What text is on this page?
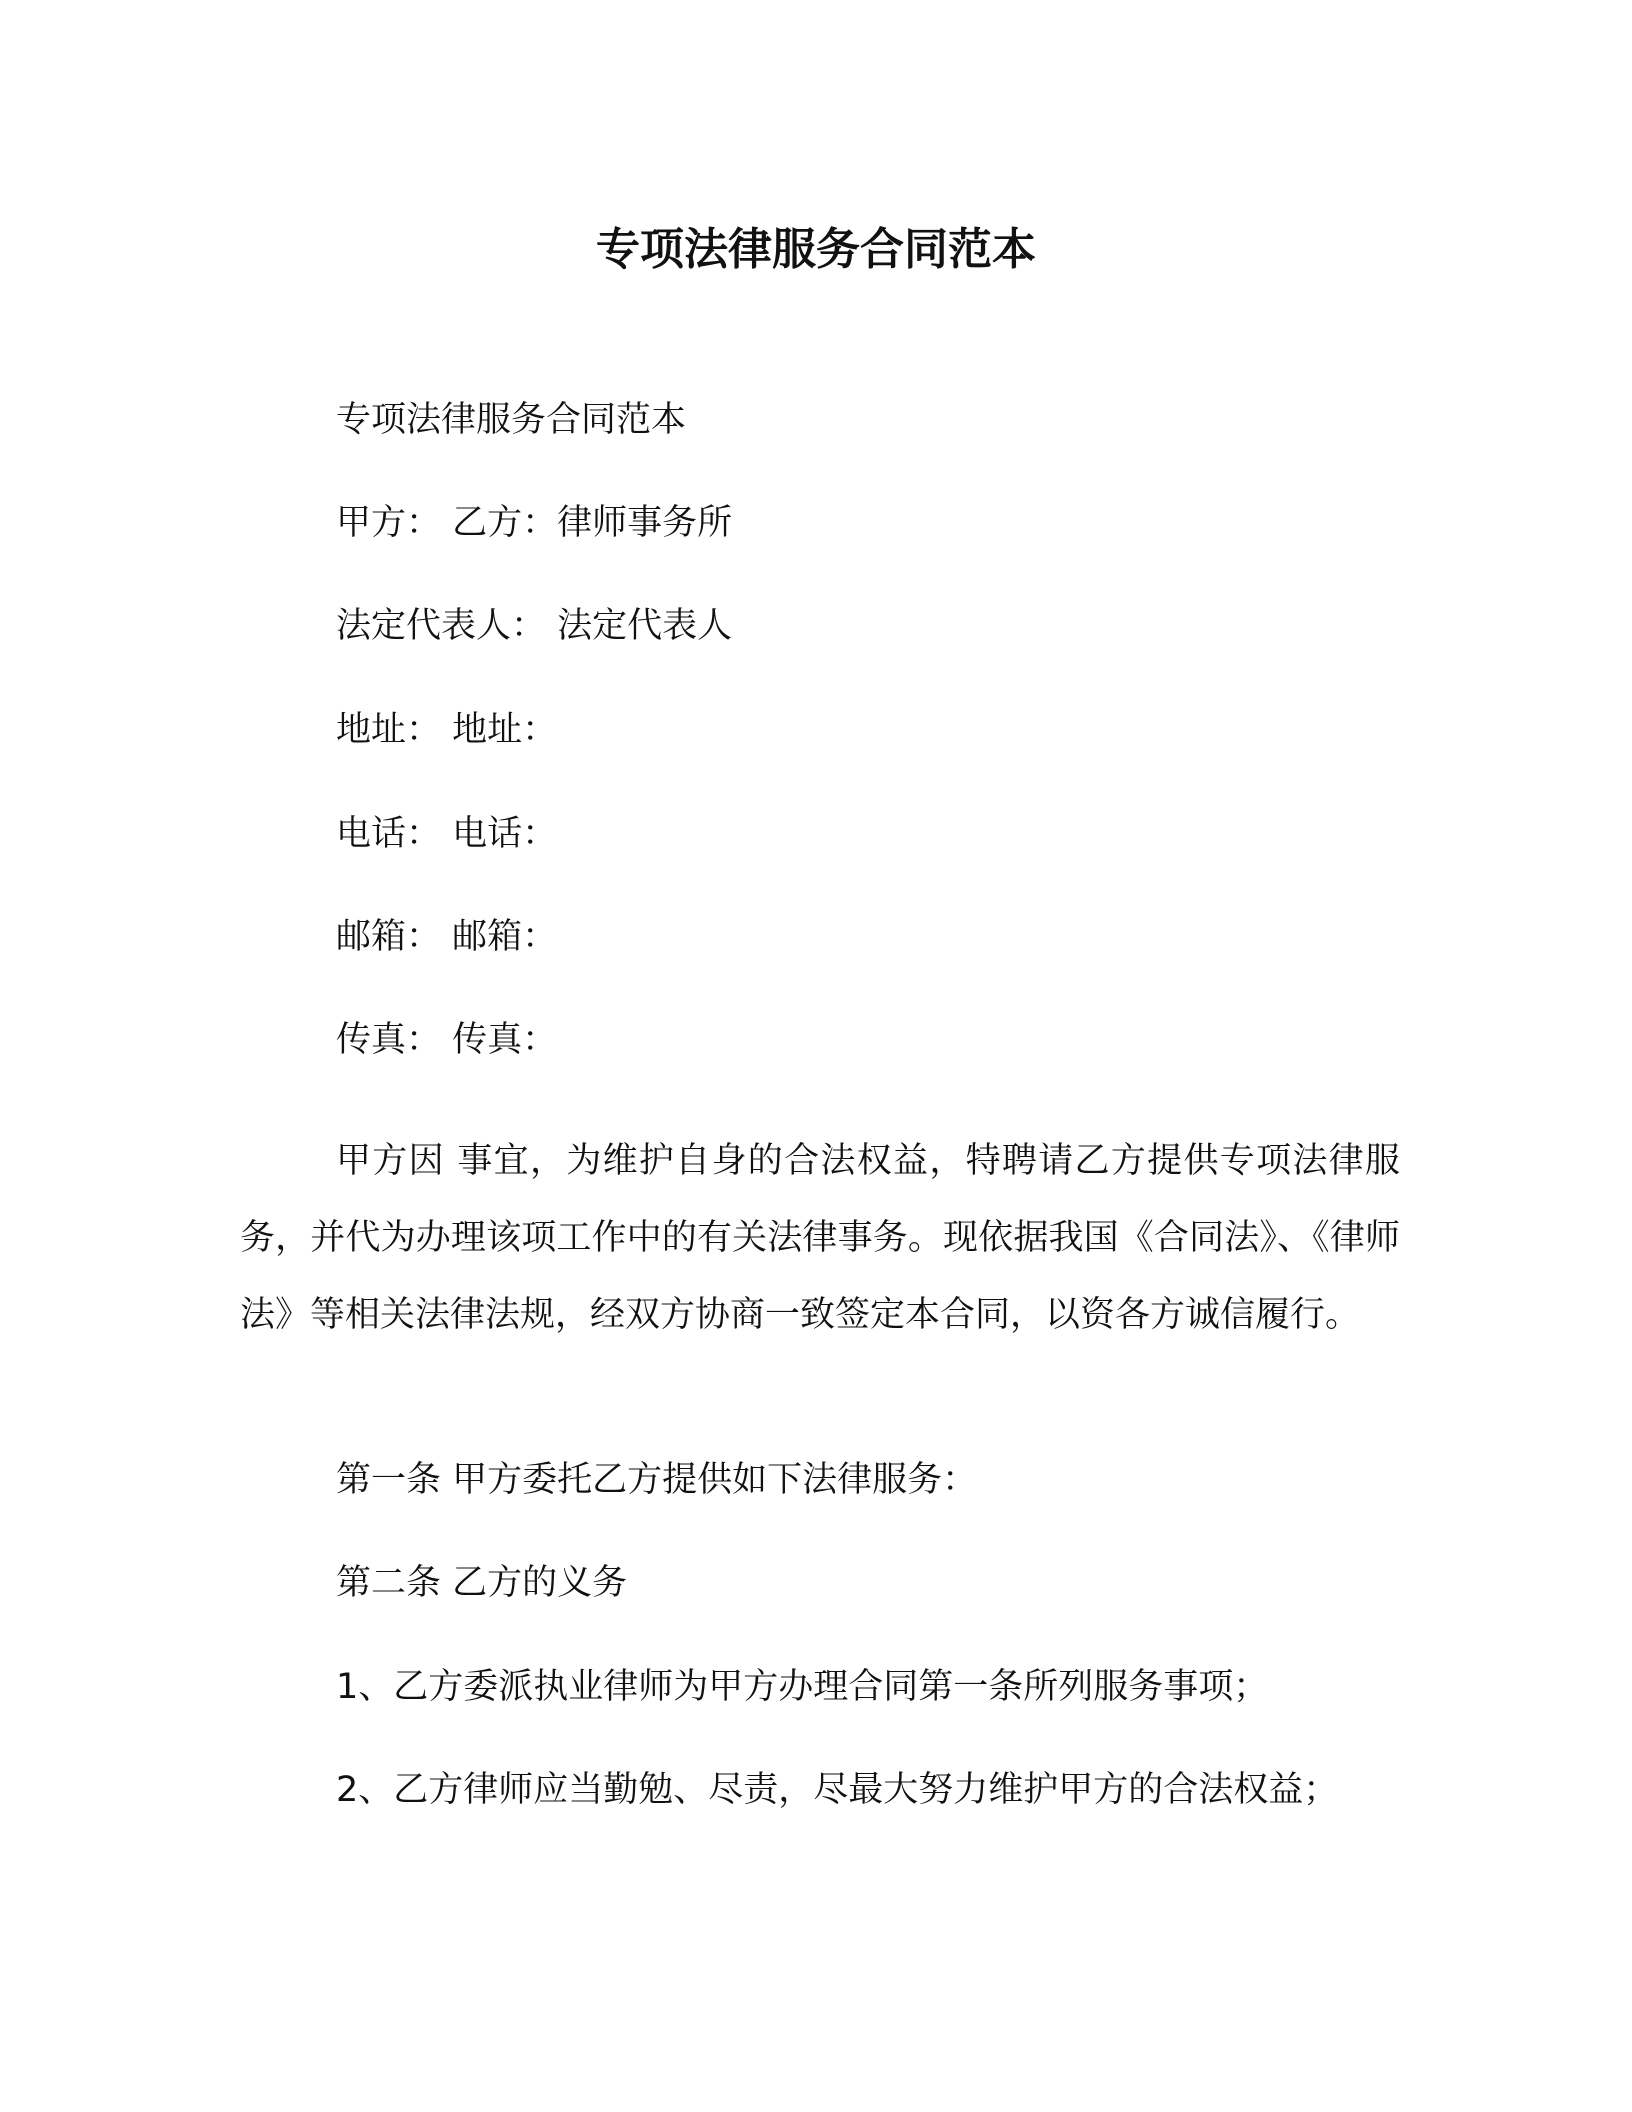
专项法律服务合同范本

专项法律服务合同范本

甲方： 乙方：律师事务所

法定代表人： 法定代表人

地址： 地址：

电话： 电话：

邮箱： 邮箱：

传真： 传真：

甲方因 事宜，为维护自身的合法权益，特聘请乙方提供专项法律服务，并代为办理该项工作中的有关法律事务。现依据我国《合同法》、《律师法》等相关法律法规，经双方协商一致签定本合同，以资各方诚信履行。

第一条 甲方委托乙方提供如下法律服务：

第二条 乙方的义务

1、乙方委派执业律师为甲方办理合同第一条所列服务事项；

2、乙方律师应当勤勉、尽责，尽最大努力维护甲方的合法权益；
